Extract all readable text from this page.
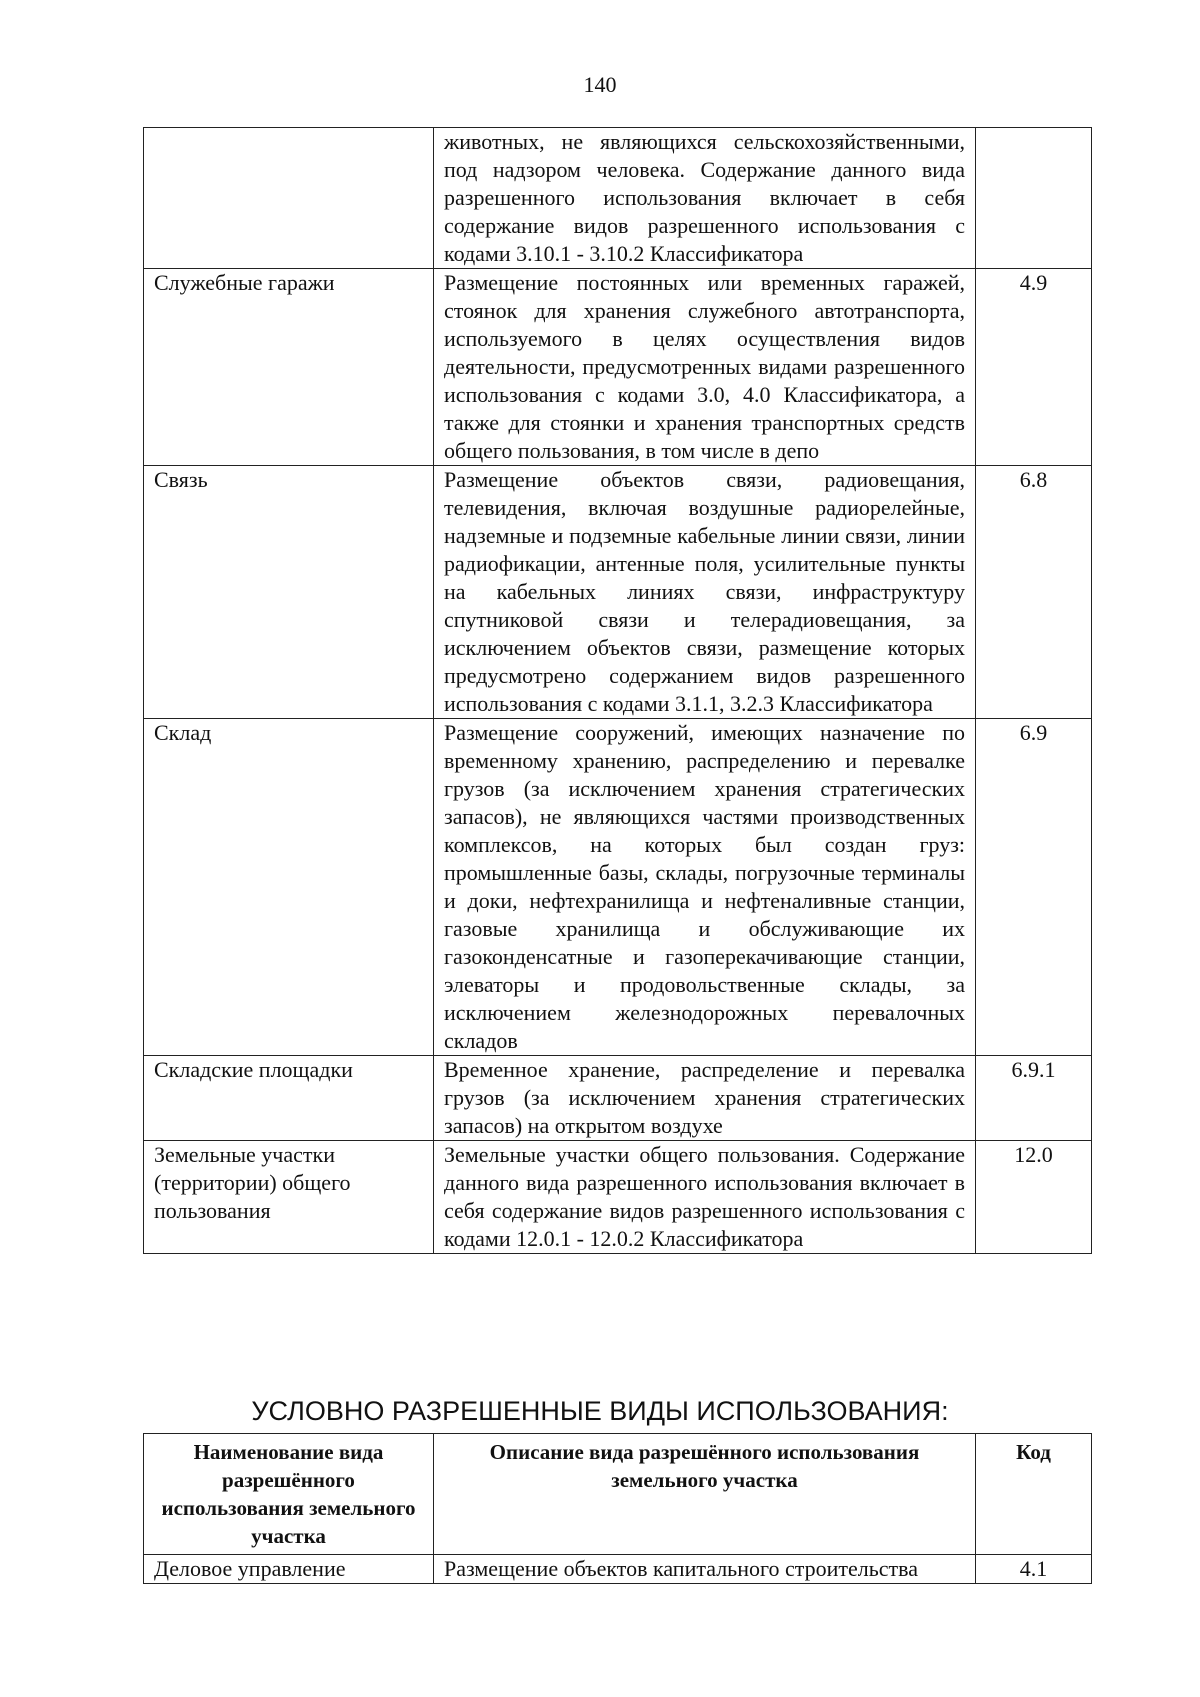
140
	животных, не являющихся сельскохозяйственными, под надзором человека. Содержание данного вида разрешенного использования включает в себя содержание видов разрешенного использования с кодами 3.10.1 - 3.10.2 Классификатора	
Служебные гаражи	Размещение постоянных или временных гаражей, стоянок для хранения служебного автотранспорта, используемого в целях осуществления видов деятельности, предусмотренных видами разрешенного использования с кодами 3.0, 4.0 Классификатора, а также для стоянки и хранения транспортных средств общего пользования, в том числе в депо	4.9
Связь	Размещение объектов связи, радиовещания, телевидения, включая воздушные радиорелейные, надземные и подземные кабельные линии связи, линии радиофикации, антенные поля, усилительные пункты на кабельных линиях связи, инфраструктуру спутниковой связи и телерадиовещания, за исключением объектов связи, размещение которых предусмотрено содержанием видов разрешенного использования с кодами 3.1.1, 3.2.3 Классификатора	6.8
Склад	Размещение сооружений, имеющих назначение по временному хранению, распределению и перевалке грузов (за исключением хранения стратегических запасов), не являющихся частями производственных комплексов, на которых был создан груз: промышленные базы, склады, погрузочные терминалы и доки, нефтехранилища и нефтеналивные станции, газовые хранилища и обслуживающие их газоконденсатные и газоперекачивающие станции, элеваторы и продовольственные склады, за исключением железнодорожных перевалочных складов	6.9
Складские площадки	Временное хранение, распределение и перевалка грузов (за исключением хранения стратегических запасов) на открытом воздухе	6.9.1
Земельные участки (территории) общего пользования	Земельные участки общего пользования. Содержание данного вида разрешенного использования включает в себя содержание видов разрешенного использования с кодами 12.0.1 - 12.0.2 Классификатора	12.0
УСЛОВНО РАЗРЕШЕННЫЕ ВИДЫ ИСПОЛЬЗОВАНИЯ:
Наименование вида разрешённого использования земельного участка	Описание вида разрешённого использования земельного участка	Код
Деловое управление	Размещение объектов капитального строительства	4.1
